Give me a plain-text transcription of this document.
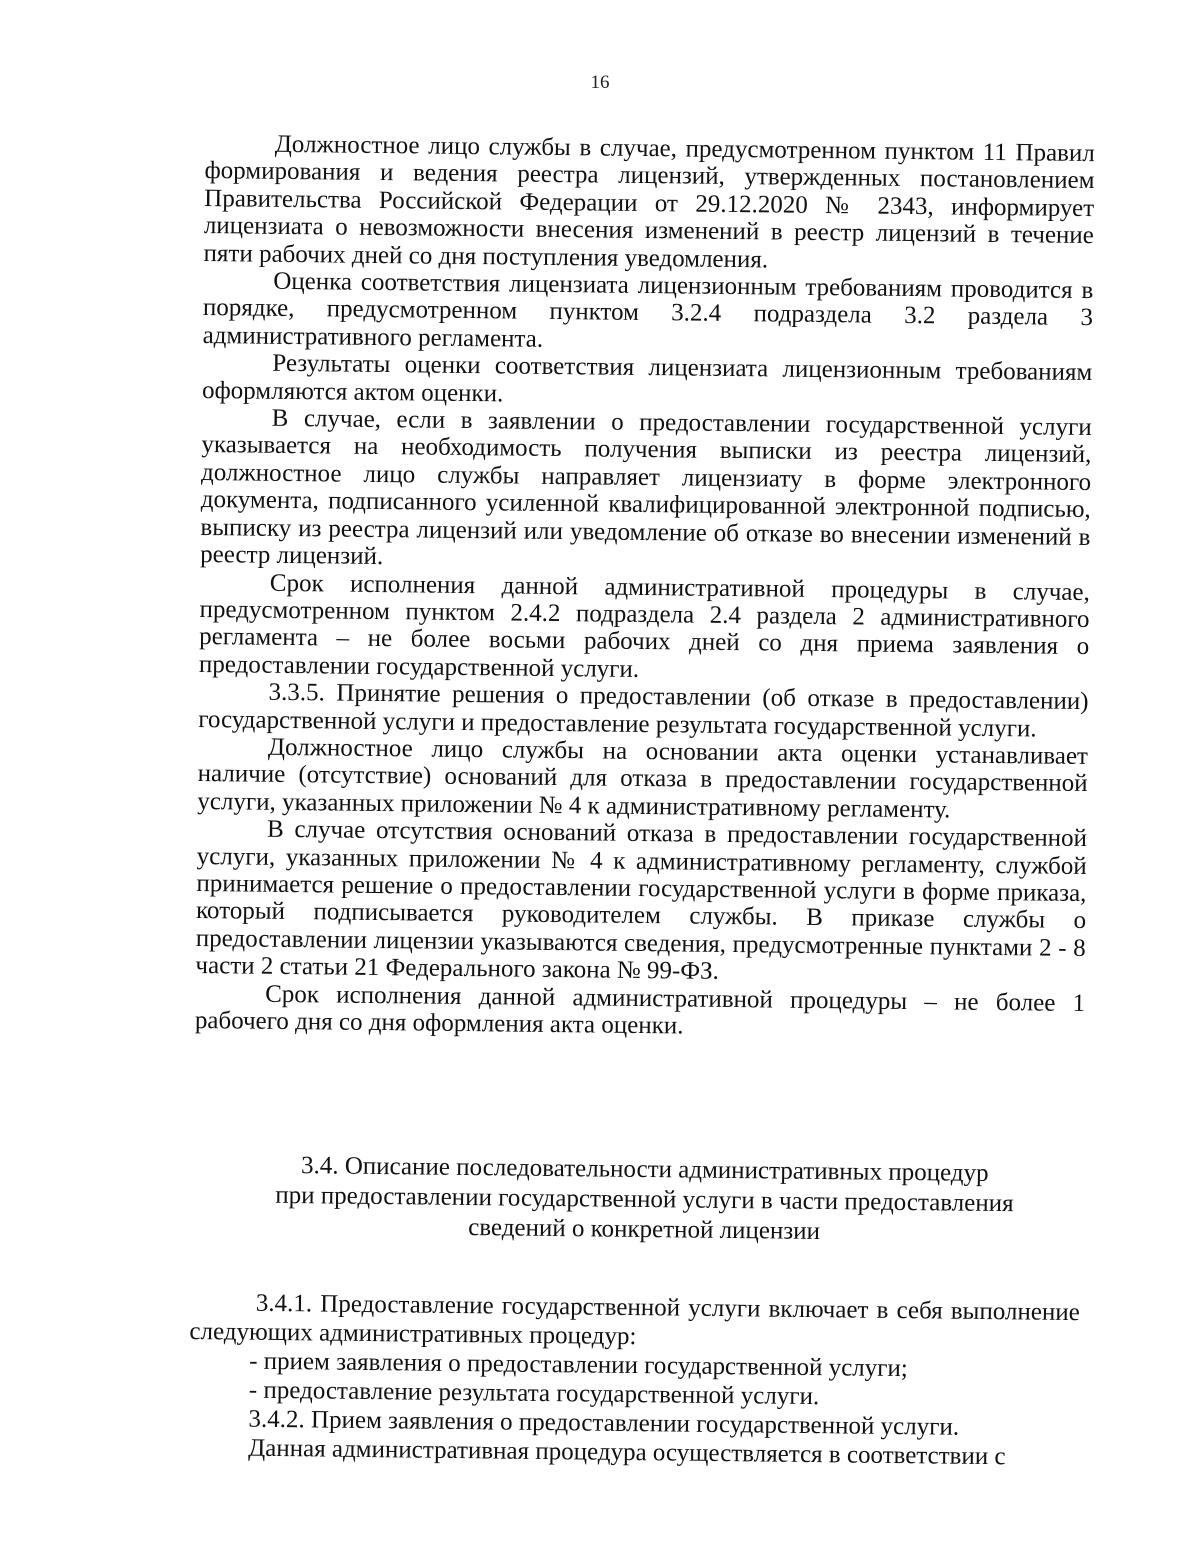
16

Должностное лицо службы в случае, предусмотренном пунктом 11 Правил формирования и ведения реестра лицензий, утвержденных постановлением Правительства Российской Федерации от 29.12.2020 № 2343, информирует лицензиата о невозможности внесения изменений в реестр лицензий в течение пяти рабочих дней со дня поступления уведомления.

Оценка соответствия лицензиата лицензионным требованиям проводится в порядке, предусмотренном пунктом 3.2.4 подраздела 3.2 раздела 3 административного регламента.

Результаты оценки соответствия лицензиата лицензионным требованиям оформляются актом оценки.

В случае, если в заявлении о предоставлении государственной услуги указывается на необходимость получения выписки из реестра лицензий, должностное лицо службы направляет лицензиату в форме электронного документа, подписанного усиленной квалифицированной электронной подписью, выписку из реестра лицензий или уведомление об отказе во внесении изменений в реестр лицензий.

Срок исполнения данной административной процедуры в случае, предусмотренном пунктом 2.4.2 подраздела 2.4 раздела 2 административного регламента – не более восьми рабочих дней со дня приема заявления о предоставлении государственной услуги.

3.3.5. Принятие решения о предоставлении (об отказе в предоставлении) государственной услуги и предоставление результата государственной услуги.

Должностное лицо службы на основании акта оценки устанавливает наличие (отсутствие) оснований для отказа в предоставлении государственной услуги, указанных приложении № 4 к административному регламенту.

В случае отсутствия оснований отказа в предоставлении государственной услуги, указанных приложении № 4 к административному регламенту, службой принимается решение о предоставлении государственной услуги в форме приказа, который подписывается руководителем службы. В приказе службы о предоставлении лицензии указываются сведения, предусмотренные пунктами 2 - 8 части 2 статьи 21 Федерального закона № 99-ФЗ.

Срок исполнения данной административной процедуры – не более 1 рабочего дня со дня оформления акта оценки.

3.4. Описание последовательности административных процедур
при предоставлении государственной услуги в части предоставления
сведений о конкретной лицензии

3.4.1. Предоставление государственной услуги включает в себя выполнение следующих административных процедур:

- прием заявления о предоставлении государственной услуги;

- предоставление результата государственной услуги.

3.4.2. Прием заявления о предоставлении государственной услуги.

Данная административная процедура осуществляется в соответствии с
